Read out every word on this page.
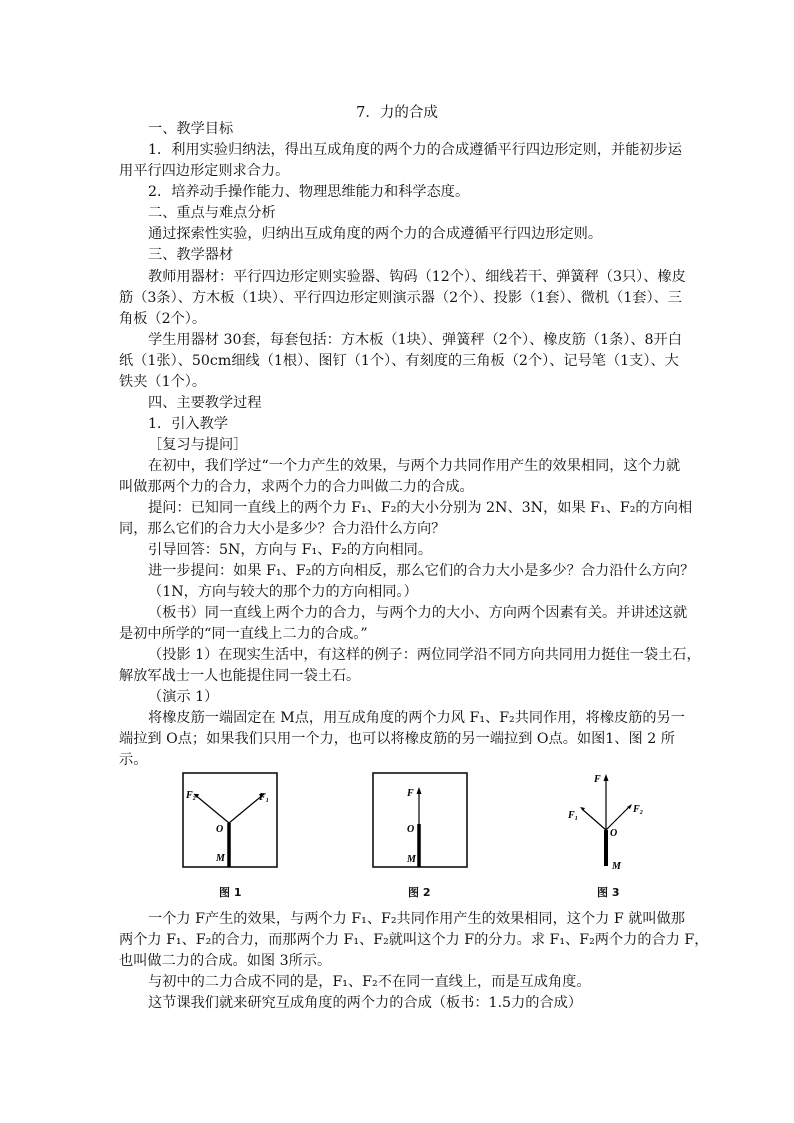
7．力的合成
一、教学目标
1．利用实验归纳法，得出互成角度的两个力的合成遵循平行四边形定则，并能初步运
用平行四边形定则求合力。
2．培养动手操作能力、物理思维能力和科学态度。
二、重点与难点分析
通过探索性实验，归纳出互成角度的两个力的合成遵循平行四边形定则。
三、教学器材
教师用器材：平行四边形定则实验器、钩码（12个）、细线若干、弹簧秤（3只）、橡皮
筋（3条）、方木板（1块）、平行四边形定则演示器（2个）、投影（1套）、微机（1套）、三
角板（2个）。
学生用器材 30套，每套包括：方木板（1块）、弹簧秤（2个）、橡皮筋（1条）、8开白
纸（1张）、50cm细线（1根）、图钉（1个）、有刻度的三角板（2个）、记号笔（1支）、大
铁夹（1个）。
四、主要教学过程
1．引入教学
［复习与提问］
在初中，我们学过“一个力产生的效果，与两个力共同作用产生的效果相同，这个力就
叫做那两个力的合力，求两个力的合力叫做二力的合成。
提问：已知同一直线上的两个力 F₁、F₂的大小分别为 2N、3N，如果 F₁、F₂的方向相
同，那么它们的合力大小是多少？合力沿什么方向？
引导回答：5N，方向与 F₁、F₂的方向相同。
进一步提问：如果 F₁、F₂的方向相反，那么它们的合力大小是多少？合力沿什么方向？
（1N，方向与较大的那个力的方向相同。）
（板书）同一直线上两个力的合力，与两个力的大小、方向两个因素有关。并讲述这就
是初中所学的“同一直线上二力的合成。”
（投影 1）在现实生活中，有这样的例子：两位同学沿不同方向共同用力挺住一袋土石，
解放军战士一人也能提住同一袋土石。
（演示 1）
将橡皮筋一端固定在 M点，用互成角度的两个力风 F₁、F₂共同作用，将橡皮筋的另一
端拉到 O点；如果我们只用一个力，也可以将橡皮筋的另一端拉到 O点。如图1、图 2 所
示。
F₂	F₁
O
M
图 1
F
O
M
图 2
F
F₁
F₂
O
M
图 3
一个力 F产生的效果，与两个力 F₁、F₂共同作用产生的效果相同，这个力 F 就叫做那
两个力 F₁、F₂的合力，而那两个力 F₁、F₂就叫这个力 F的分力。求 F₁、F₂两个力的合力 F，
也叫做二力的合成。如图 3所示。
与初中的二力合成不同的是，F₁、F₂不在同一直线上，而是互成角度。
这节课我们就来研究互成角度的两个力的合成（板书：1.5力的合成）
